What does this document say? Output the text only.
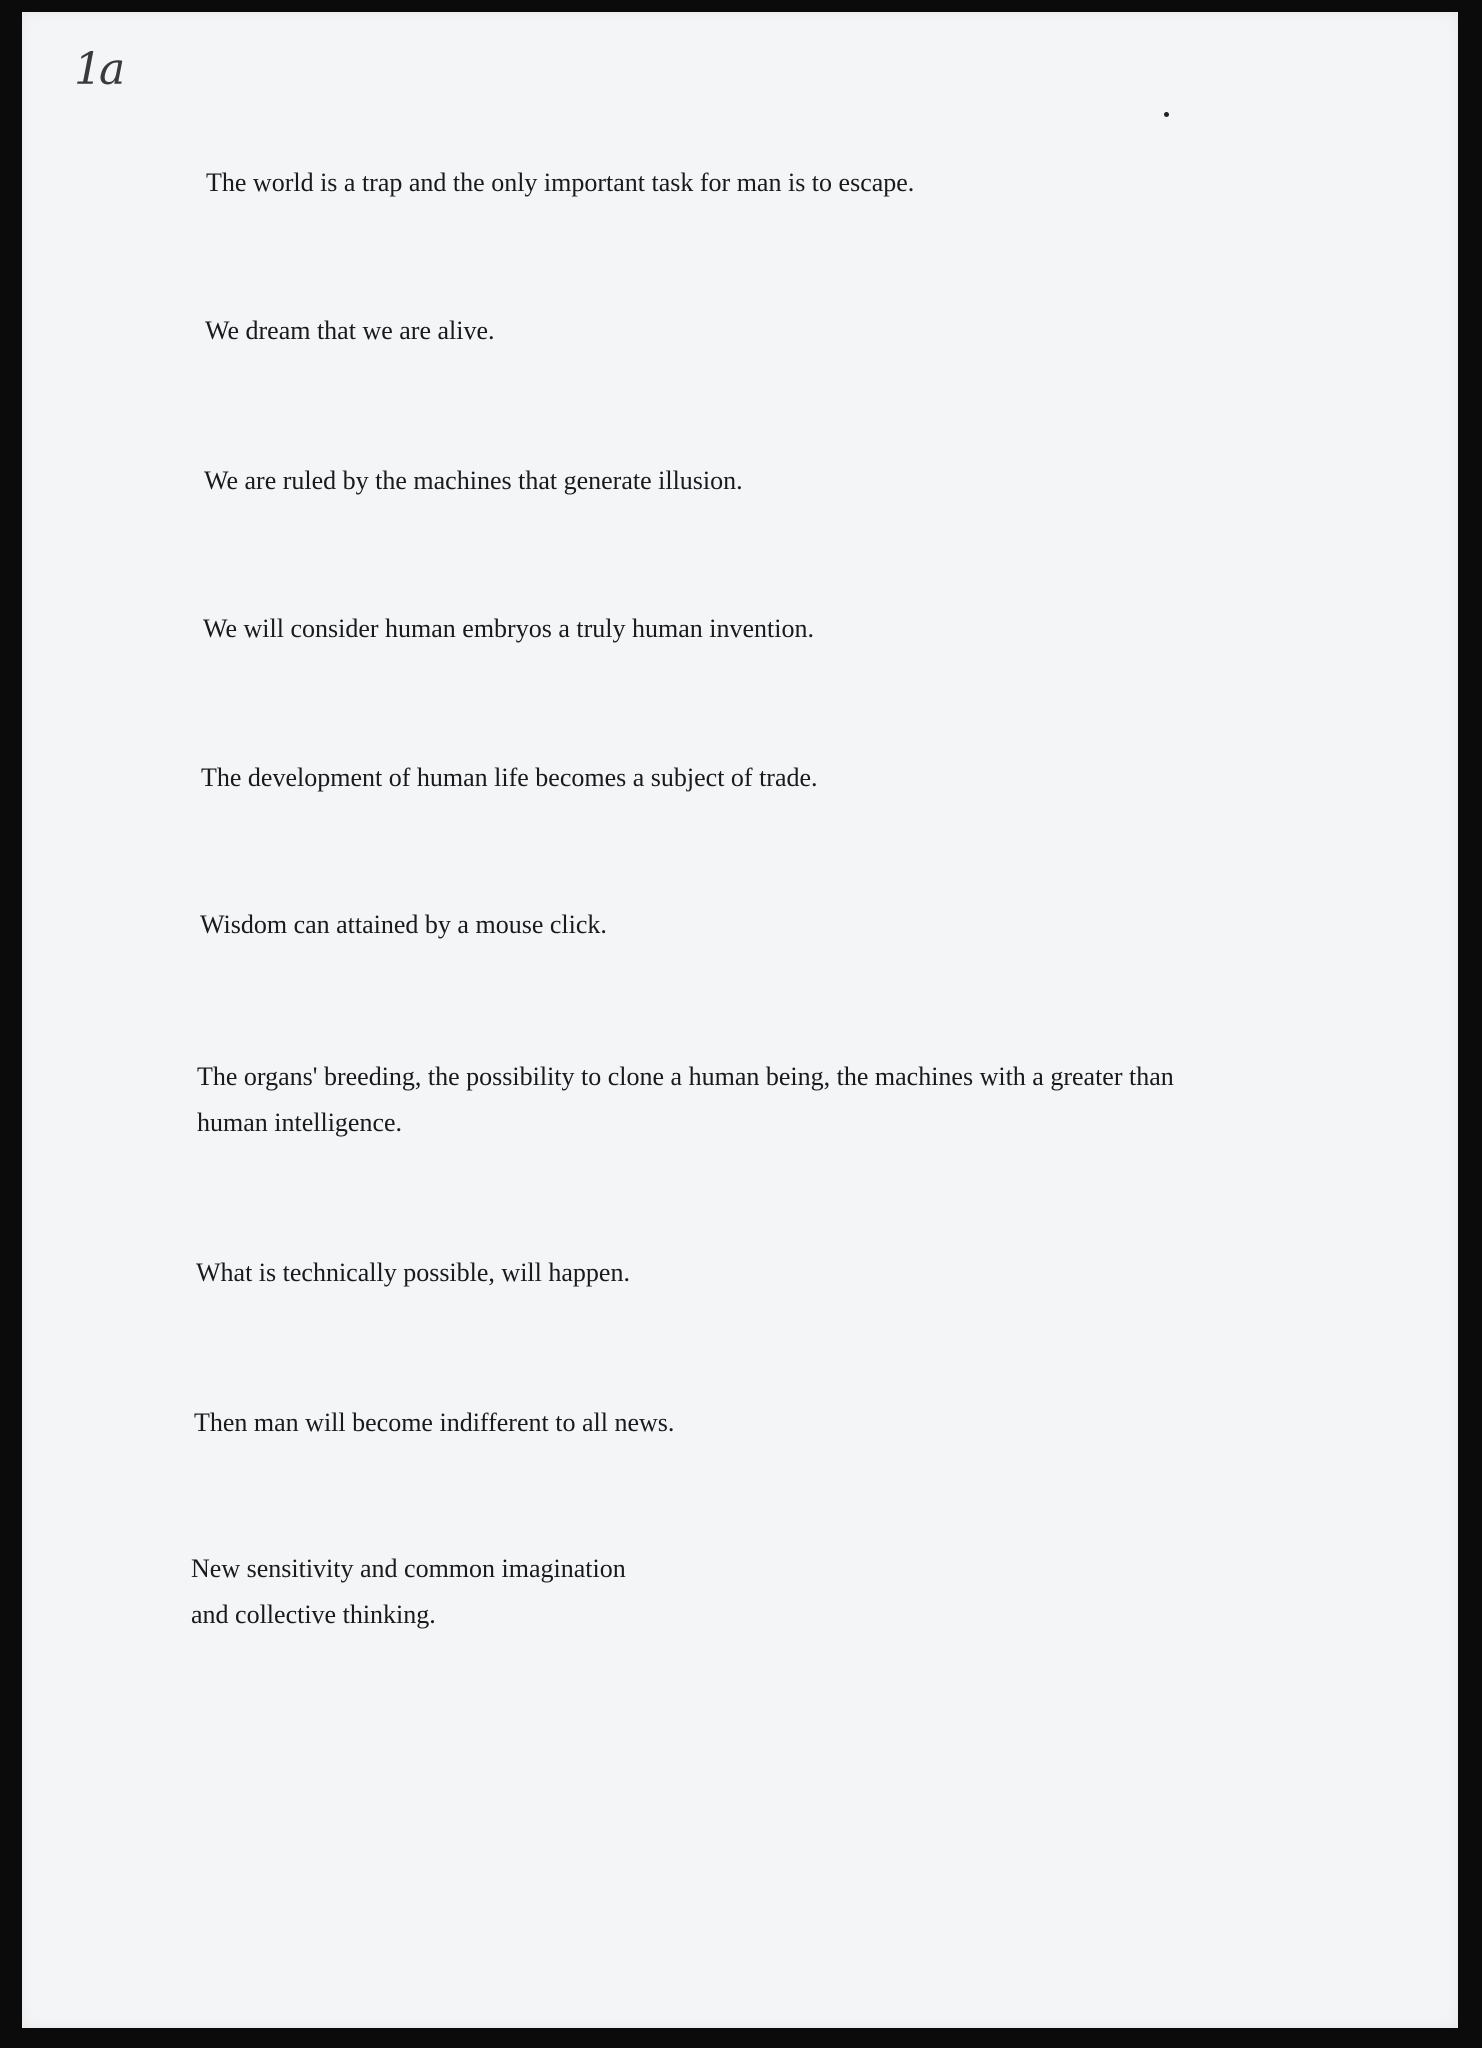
1a

The world is a trap and the only important task for man is to escape.

We dream that we are alive.

We are ruled by the machines that generate illusion.

We will consider human embryos a truly human invention.

The development of human life becomes a subject of trade.

Wisdom can attained by a mouse click.

The organs' breeding, the possibility to clone a human being, the machines with a greater than

human intelligence.

What is technically possible, will happen.

Then man will become indifferent to all news.

New sensitivity and common imagination

and collective thinking.
